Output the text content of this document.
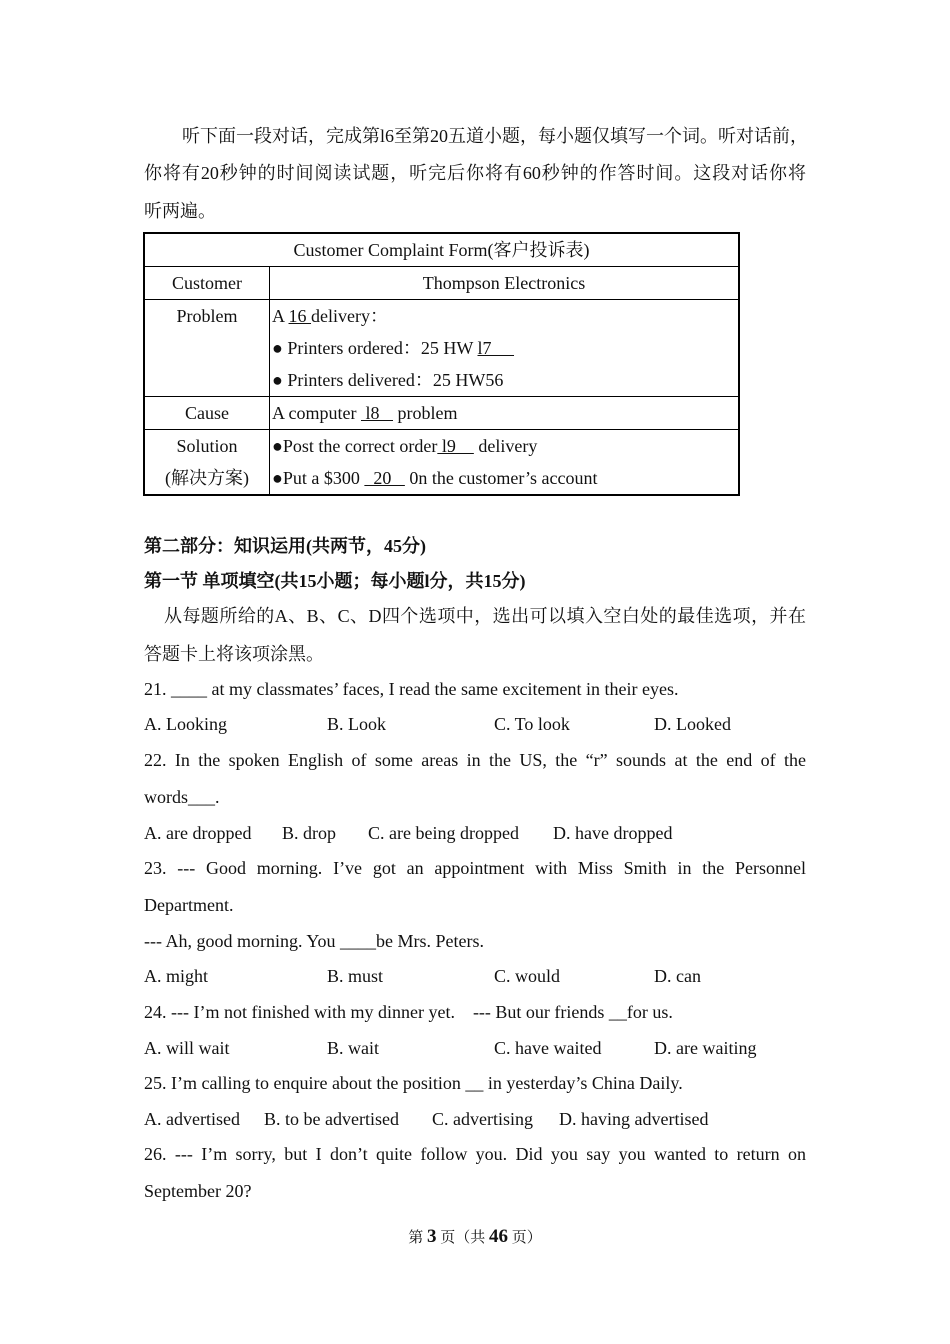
听下面一段对话，完成第l6至第20五道小题，每小题仅填写一个词。听对话前，
你将有20秒钟的时间阅读试题，听完后你将有60秒钟的作答时间。这段对话你将
听两遍。
Customer Complaint Form(客户投诉表)	
Customer	Thompson Electronics
Problem	A 16 delivery：
● Printers ordered：25 HW l7
● Printers delivered：25 HW56

Cause	A computer  l8    problem

Solution
(解决方案)	●Post the correct order l9     delivery
●Put a $300   20    0n the customer’s account
第二部分：知识运用(共两节，45分)
第一节 单项填空(共15小题；每小题l分，共15分)
从每题所给的A、B、C、D四个选项中，选出可以填入空白处的最佳选项，并在
答题卡上将该项涂黑。
21. ____ at my classmates’ faces, I read the same excitement in their eyes.
A. Looking	B. Look	C. To look	D. Looked
22. In the spoken English of some areas in the US, the “r” sounds at the end of the
words___.
A. are dropped B. drop C. are being dropped D. have dropped
23. --- Good morning. I’ve got an appointment with Miss Smith in the Personnel
Department.
--- Ah, good morning. You ____be Mrs. Peters.
A. might	B. must	C. would	D. can
24. --- I’m not finished with my dinner yet.    --- But our friends __for us.
A. will wait	B. wait	C. have waited	D. are waiting
25. I’m calling to enquire about the position __ in yesterday’s China Daily.
A. advertised B. to be advertised C. advertising D. having advertised
26. --- I’m sorry, but I don’t quite follow you. Did you say you wanted to return on
September 20?
第 3 页（共 46 页）
